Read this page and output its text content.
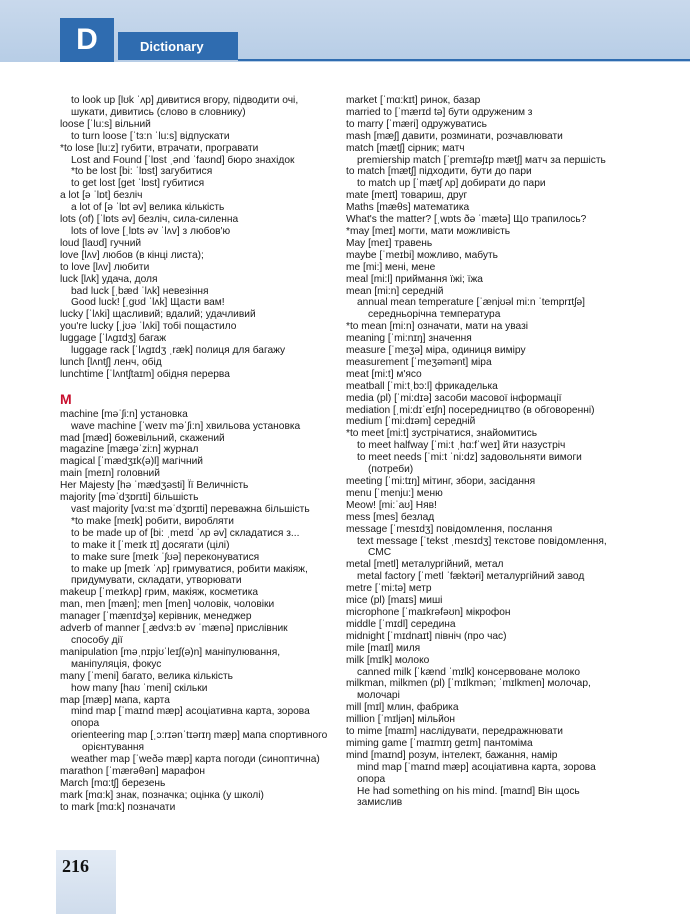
D	Dictionary
to look up [lʊk ˈʌp] дивитися вгору, підводити очі,
шукати, дивитись (слово в словнику)
loose [ˈlu:s] вільний
to turn loose [ˈtɜ:n ˈlu:s] відпускати
*to lose [lu:z] губити, втрачати, програвати
Lost and Found [ˈlɒst ˌənd ˈfaʊnd] бюро знахідок
*to be lost [bi: ˈlɒst] загубитися
to get lost [get ˈlɒst] губитися
a lot [ə ˈlɒt] безліч
a lot of [ə ˈlɒt əv] велика кількість
lots (of) [ˈlɒts əv] безліч, сила-силенна
lots of love [ˌlɒts əv ˈlʌv] з любов'ю
loud [laʊd] гучний
love [lʌv] любов (в кінці листа);
to love [lʌv] любити
luck [lʌk] удача, доля
bad luck [ˌbæd ˈlʌk] невезіння
Good luck! [ˌgʊd ˈlʌk] Щасти вам!
lucky [ˈlʌki] щасливий; вдалий; удачливий
you're lucky [ˌjʊə ˈlʌki] тобі пощастило
luggage [ˈlʌgɪdʒ] багаж
luggage rack [ˈlʌgɪdʒ ˌræk] полиця для багажу
lunch [lʌntʃ] ленч, обід
lunchtime [ˈlʌntʃtaɪm] обідня перерва
M
machine [məˈʃi:n] установка
wave machine [ˈweɪv məˈʃi:n] хвильова установка
mad [mæd] божевільний, скажений
magazine [mægəˈzi:n] журнал
magical [ˈmædʒɪk(ə)l] магічний
main [meɪn] головний
Her Majesty [hə ˈmædʒəsti] Її Величність
majority [məˈdʒɒrɪti] більшість
vast majority [vɑ:st məˈdʒɒrɪti] переважна більшість
*to make [meɪk] робити, виробляти
to be made up of [bi: ˌmeɪd ˈʌp əv] складатися з...
to make it [ˈmeɪk ɪt] досягати (цілі)
to make sure [meɪk ˈʃʊə] переконуватися
to make up [meɪk ˈʌp] гримуватися, робити макіяж,
придумувати, складати, утворювати
makeup [ˈmeɪkʌp] грим, макіяж, косметика
man, men [mæn]; men [men] чоловік, чоловіки
manager [ˈmænɪdʒə] керівник, менеджер
adverb of manner [ˌædvɜ:b əv ˈmænə] прислівник
способу дії
manipulation [məˌnɪpjʊˈleɪʃ(ə)n] маніпулювання,
маніпуляція, фокус
many [ˈmeni] багато, велика кількість
how many [haʊ ˈmeni] скільки
map [mæp] мапа, карта
mind map [ˈmaɪnd mæp] асоціативна карта, зорова
опора
orienteering map [ˌɔ:rɪənˈtɪərɪŋ mæp] мапа спортивного
орієнтування
weather map [ˈweðə mæp] карта погоди (синоптична)
marathon [ˈmærəθən] марафон
March [mɑ:tʃ] березень
mark [mɑ:k] знак, позначка; оцінка (у школі)
to mark [mɑ:k] позначати
market [ˈmɑ:kɪt] ринок, базар
married to [ˈmærɪd tə] бути одруженим з
to marry [ˈmæri] одружуватись
mash [mæʃ] давити, розминати, розчавлювати
match [mætʃ] сірник; матч
premiership match [ˈpremɪəʃɪp mætʃ] матч за першість
to match [mætʃ] підходити, бути до пари
to match up [ˈmætʃ ʌp] добирати до пари
mate [meɪt] товариш, друг
Maths [mæθs] математика
What's the matter? [ˌwɒts ðə ˈmætə] Що трапилось?
*may [meɪ] могти, мати можливість
May [meɪ] травень
maybe [ˈmeɪbi] можливо, мабуть
me [mi:] мені, мене
meal [mi:l] приймання їжі; їжа
mean [mi:n] середній
annual mean temperature [ˈænjʊəl mi:n ˈtemprɪtʃə]
середньорічна температура
*to mean [mi:n] означати, мати на увазі
meaning [ˈmi:nɪŋ] значення
measure [ˈmeʒə] міра, одиниця виміру
measurement [ˈmeʒəmənt] міра
meat [mi:t] м'ясо
meatball [ˈmi:tˌbɔ:l] фрикаделька
media (pl) [ˈmi:dɪə] засоби масової інформації
mediation [ˌmi:dɪˈeɪʃn] посередництво (в обговоренні)
medium [ˈmi:dɪəm] середній
*to meet [mi:t] зустрічатися, знайомитись
to meet halfway [ˈmi:t ˌhɑ:fˈweɪ] йти назустріч
to meet needs [ˈmi:t ˈni:dz] задовольняти вимоги
(потреби)
meeting [ˈmi:tɪŋ] мітинг, збори, засідання
menu [ˈmenju:] меню
Meow! [mi:ˈaʊ] Няв!
mess [mes] безлад
message [ˈmesɪdʒ] повідомлення, послання
text message [ˈtekst ˌmesɪdʒ] текстове повідомлення,
СМС
metal [metl] металургійний, метал
metal factory [ˈmetl ˈfæktəri] металургійний завод
metre [ˈmi:tə] метр
mice (pl) [maɪs] миші
microphone [ˈmaɪkrəfəʊn] мікрофон
middle [ˈmɪdl] середина
midnight [ˈmɪdnaɪt] північ (про час)
mile [maɪl] миля
milk [mɪlk] молоко
canned milk [ˈkænd ˈmɪlk] консервоване молоко
milkman, milkmen (pl) [ˈmɪlkmən; ˈmɪlkmen] молочар,
молочарі
mill [mɪl] млин, фабрика
million [ˈmɪljən] мільйон
to mime [maɪm] наслідувати, передражнювати
miming game [ˈmaɪmɪŋ geɪm] пантоміма
mind [maɪnd] розум, інтелект, бажання, намір
mind map [ˈmaɪnd mæp] асоціативна карта, зорова
опора
He had something on his mind. [maɪnd] Він щось
замислив
216
